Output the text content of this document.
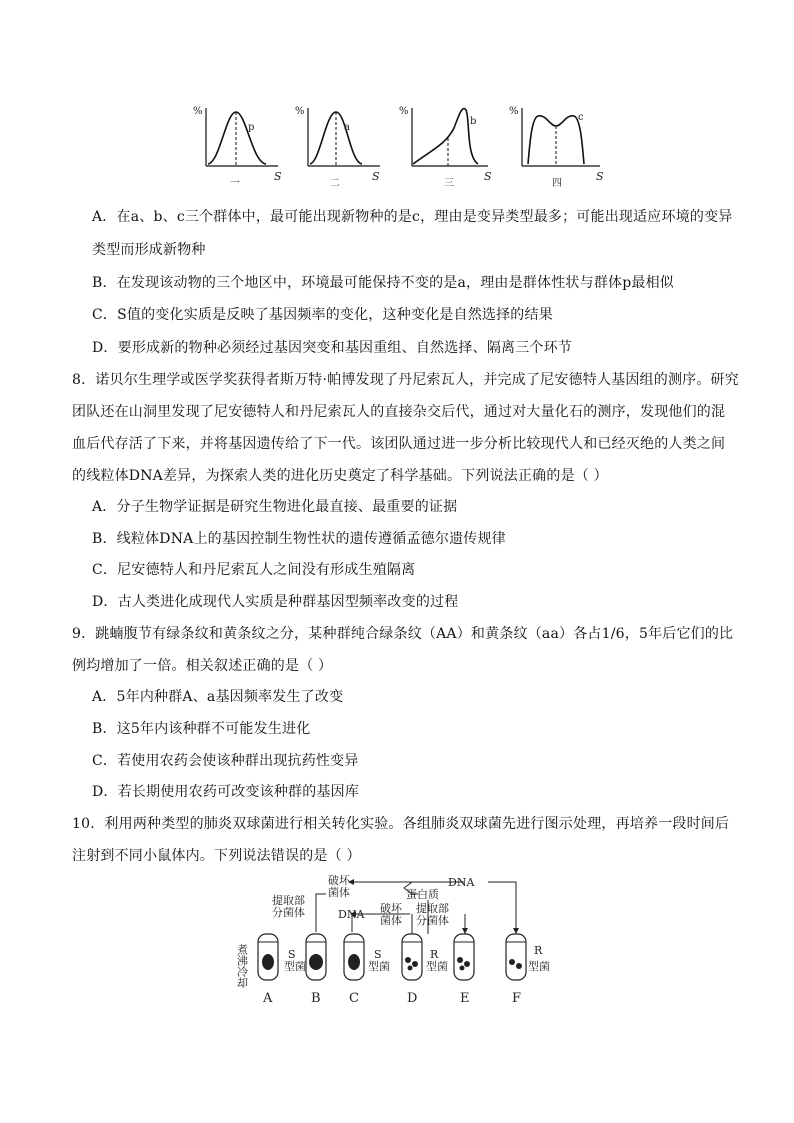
%
p
S
一
%
a
S
二
%
b
S
三
%
c
S
四
A．在a、b、c三个群体中，最可能出现新物种的是c，理由是变异类型最多；可能出现适应环境的变异
类型而形成新物种
B．在发现该动物的三个地区中，环境最可能保持不变的是a，理由是群体性状与群体p最相似
C．S值的变化实质是反映了基因频率的变化，这种变化是自然选择的结果
D．要形成新的物种必须经过基因突变和基因重组、自然选择、隔离三个环节
8．诺贝尔生理学或医学奖获得者斯万特·帕博发现了丹尼索瓦人，并完成了尼安德特人基因组的测序。研究
团队还在山洞里发现了尼安德特人和丹尼索瓦人的直接杂交后代，通过对大量化石的测序，发现他们的混
血后代存活了下来，并将基因遗传给了下一代。该团队通过进一步分析比较现代人和已经灭绝的人类之间
的线粒体DNA差异，为探索人类的进化历史奠定了科学基础。下列说法正确的是（ ）
A．分子生物学证据是研究生物进化最直接、最重要的证据
B．线粒体DNA上的基因控制生物性状的遗传遵循孟德尔遗传规律
C．尼安德特人和丹尼索瓦人之间没有形成生殖隔离
D．古人类进化成现代人实质是种群基因型频率改变的过程
9．跳蝻腹节有绿条纹和黄条纹之分，某种群纯合绿条纹（AA）和黄条纹（aa）各占1/6，5年后它们的比
例均增加了一倍。相关叙述正确的是（ ）
A．5年内种群A、a基因频率发生了改变
B．这5年内该种群不可能发生进化
C．若使用农药会使该种群出现抗药性变异
D．若长期使用农药可改变该种群的基因库
10．利用两种类型的肺炎双球菌进行相关转化实验。各组肺炎双球菌先进行图示处理，再培养一段时间后
注射到不同小鼠体内。下列说法错误的是（ ）
破坏
菌体
提取部
分菌体
DNA
蛋白质
DNA 破坏
菌体
提取部
分菌体
煮沸冷却	S
型菌
S
型菌
R
型菌
R
型菌
A	B C	D	E	F
